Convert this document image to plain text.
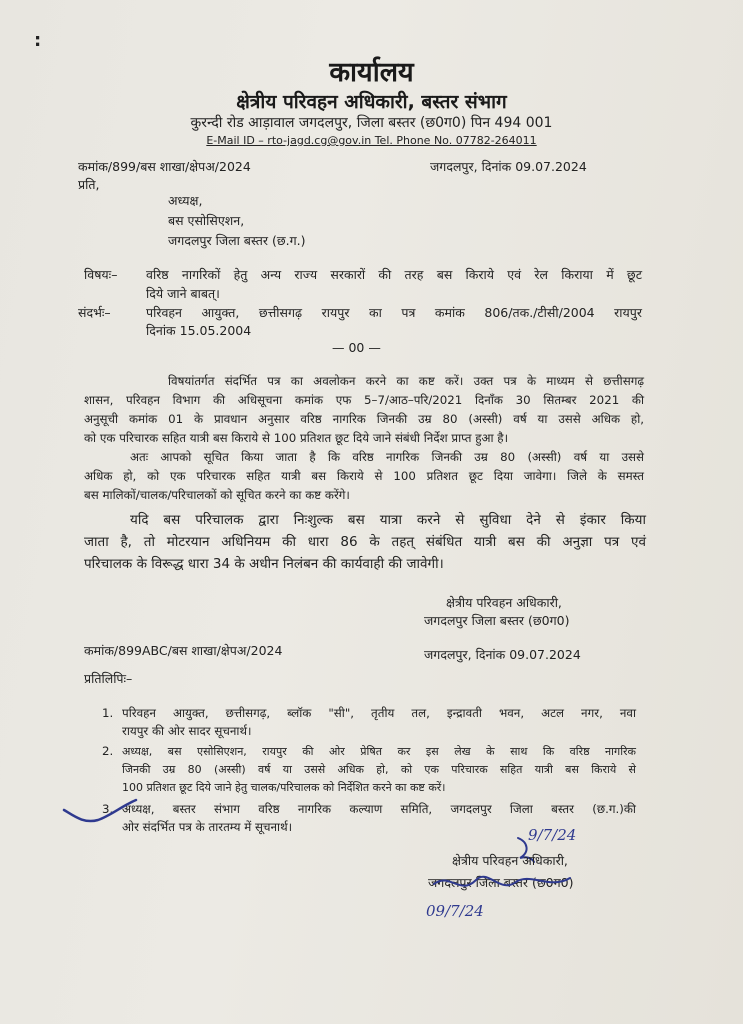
:
कार्यालय
क्षेत्रीय परिवहन अधिकारी, बस्तर संभाग
कुरन्दी रोड आड़ावाल जगदलपुर, जिला बस्तर (छ0ग0) पिन 494 001
E-Mail ID – rto-jagd.cg@gov.in Tel. Phone No. 07782-264011
कमांक/899/बस शाखा/क्षेपअ/2024	जगदलपुर, दिनांक 09.07.2024
प्रति,
अध्यक्ष,
बस एसोसिएशन,
जगदलपुर जिला बस्तर (छ.ग.)
विषयः– वरिष्ठ नागरिकों हेतु अन्य राज्य सरकारों की तरह बस किराये एवं रेल किराया में छूट
दिये जाने बाबत्।
संदर्भः–	परिवहन आयुक्त, छत्तीसगढ़ रायपुर का पत्र कमांक 806/तक./टीसी/2004 रायपुर
दिनांक 15.05.2004
— 00 —
विषयांतर्गत संदर्भित पत्र का अवलोकन करने का कष्ट करें। उक्त पत्र के माध्यम से छत्तीसगढ़
शासन, परिवहन विभाग की अधिसूचना कमांक एफ 5–7/आठ–परि/2021 दिनाँक 30 सितम्बर 2021 की
अनुसूची कमांक 01 के प्रावधान अनुसार वरिष्ठ नागरिक जिनकी उम्र 80 (अस्सी) वर्ष या उससे अधिक हो,
को एक परिचारक सहित यात्री बस किराये से 100 प्रतिशत छूट दिये जाने संबंधी निर्देश प्राप्त हुआ है।
अतः आपको सूचित किया जाता है कि वरिष्ठ नागरिक जिनकी उम्र 80 (अस्सी) वर्ष या उससे
अधिक हो, को एक परिचारक सहित यात्री बस किराये से 100 प्रतिशत छूट दिया जावेगा। जिले के समस्त
बस मालिकों/चालक/परिचालकों को सूचित करने का कष्ट करेंगे।
यदि बस परिचालक द्वारा निःशुल्क बस यात्रा करने से सुविधा देने से इंकार किया
जाता है, तो मोटरयान अधिनियम की धारा 86 के तहत् संबंधित यात्री बस की अनुज्ञा पत्र एवं
परिचालक के विरूद्ध धारा 34 के अधीन निलंबन की कार्यवाही की जावेगी।
क्षेत्रीय परिवहन अधिकारी,
जगदलपुर जिला बस्तर (छ0ग0)
कमांक/899ABC/बस शाखा/क्षेपअ/2024	जगदलपुर, दिनांक 09.07.2024
प्रतिलिपिः–
1. परिवहन आयुक्त, छत्तीसगढ़, ब्लॉक "सी", तृतीय तल, इन्द्रावती भवन, अटल नगर, नवा
रायपुर की ओर सादर सूचनार्थ।
2. अध्यक्ष, बस एसोसिएशन, रायपुर की ओर प्रेषित कर इस लेख के साथ कि वरिष्ठ नागरिक
जिनकी उम्र 80 (अस्सी) वर्ष या उससे अधिक हो, को एक परिचारक सहित यात्री बस किराये से
100 प्रतिशत छूट दिये जाने हेतु चालक/परिचालक को निर्देशित करने का कष्ट करें।
3. अध्यक्ष, बस्तर संभाग वरिष्ठ नागरिक कल्याण समिति, जगदलपुर जिला बस्तर (छ.ग.)की
ओर संदर्भित पत्र के तारतम्य में सूचनार्थ।	9/7/24
क्षेत्रीय परिवहन अधिकारी,
जगदलपुर जिला बस्तर (छ0ग0)
09/7/24
